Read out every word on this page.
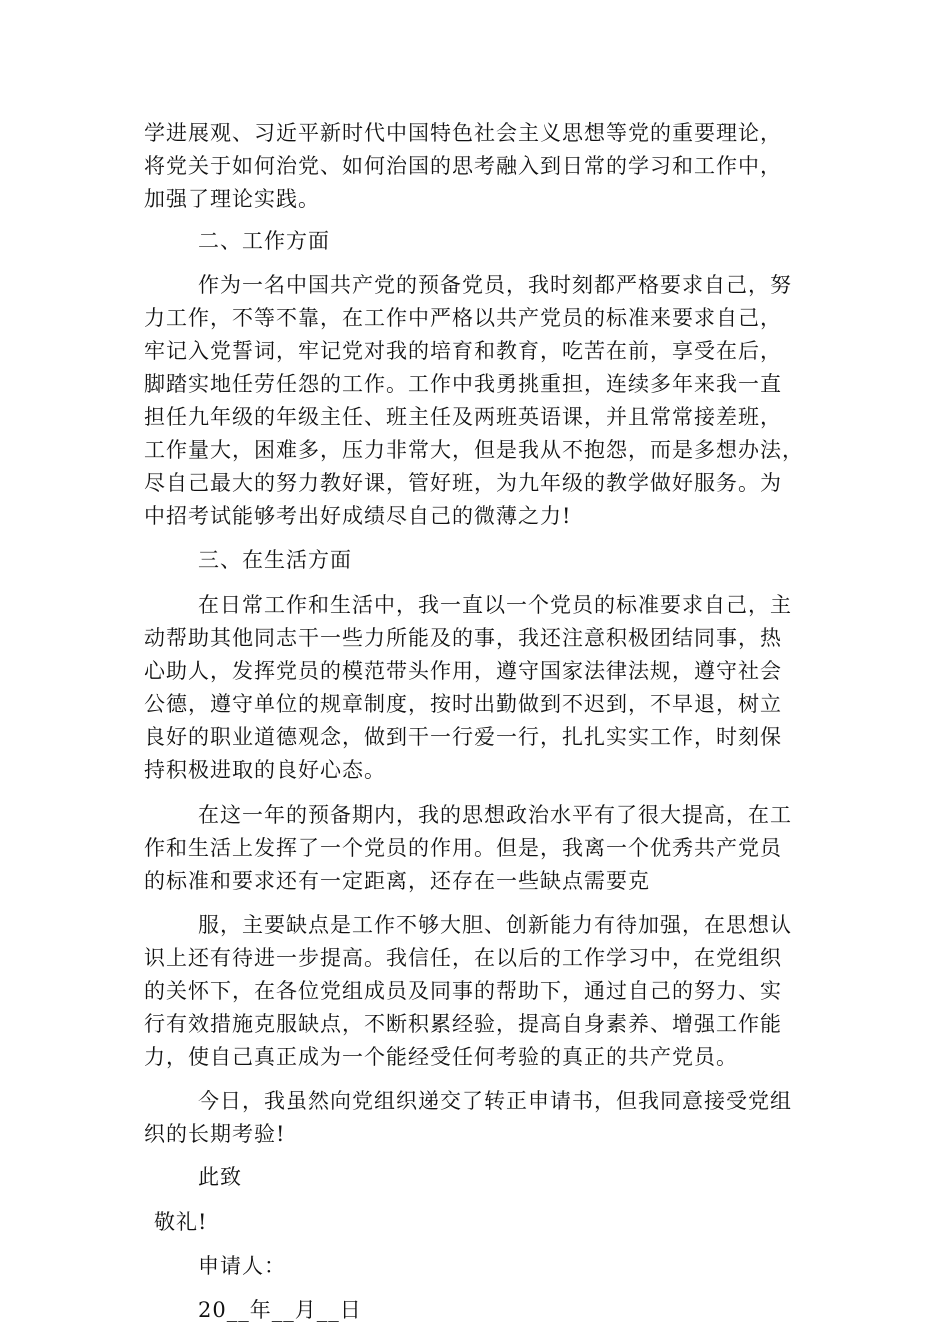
学进展观、习近平新时代中国特色社会主义思想等党的重要理论，

将党关于如何治党、如何治国的思考融入到日常的学习和工作中，

加强了理论实践。

二、工作方面

作为一名中国共产党的预备党员，我时刻都严格要求自己，努

力工作，不等不靠，在工作中严格以共产党员的标准来要求自己，

牢记入党誓词，牢记党对我的培育和教育，吃苦在前，享受在后，

脚踏实地任劳任怨的工作。工作中我勇挑重担，连续多年来我一直

担任九年级的年级主任、班主任及两班英语课，并且常常接差班，

工作量大，困难多，压力非常大，但是我从不抱怨，而是多想办法，

尽自己最大的努力教好课，管好班，为九年级的教学做好服务。为

中招考试能够考出好成绩尽自己的微薄之力!

三、在生活方面

在日常工作和生活中，我一直以一个党员的标准要求自己，主

动帮助其他同志干一些力所能及的事，我还注意积极团结同事，热

心助人，发挥党员的模范带头作用，遵守国家法律法规，遵守社会

公德，遵守单位的规章制度，按时出勤做到不迟到，不早退，树立

良好的职业道德观念，做到干一行爱一行，扎扎实实工作，时刻保

持积极进取的良好心态。

在这一年的预备期内，我的思想政治水平有了很大提高，在工

作和生活上发挥了一个党员的作用。但是，我离一个优秀共产党员

的标准和要求还有一定距离，还存在一些缺点需要克

服，主要缺点是工作不够大胆、创新能力有待加强，在思想认

识上还有待进一步提高。我信任，在以后的工作学习中，在党组织

的关怀下，在各位党组成员及同事的帮助下，通过自己的努力、实

行有效措施克服缺点，不断积累经验，提高自身素养、增强工作能

力，使自己真正成为一个能经受任何考验的真正的共产党员。

今日，我虽然向党组织递交了转正申请书，但我同意接受党组

织的长期考验!

此致

敬礼!

申请人：

20__年__月__日
